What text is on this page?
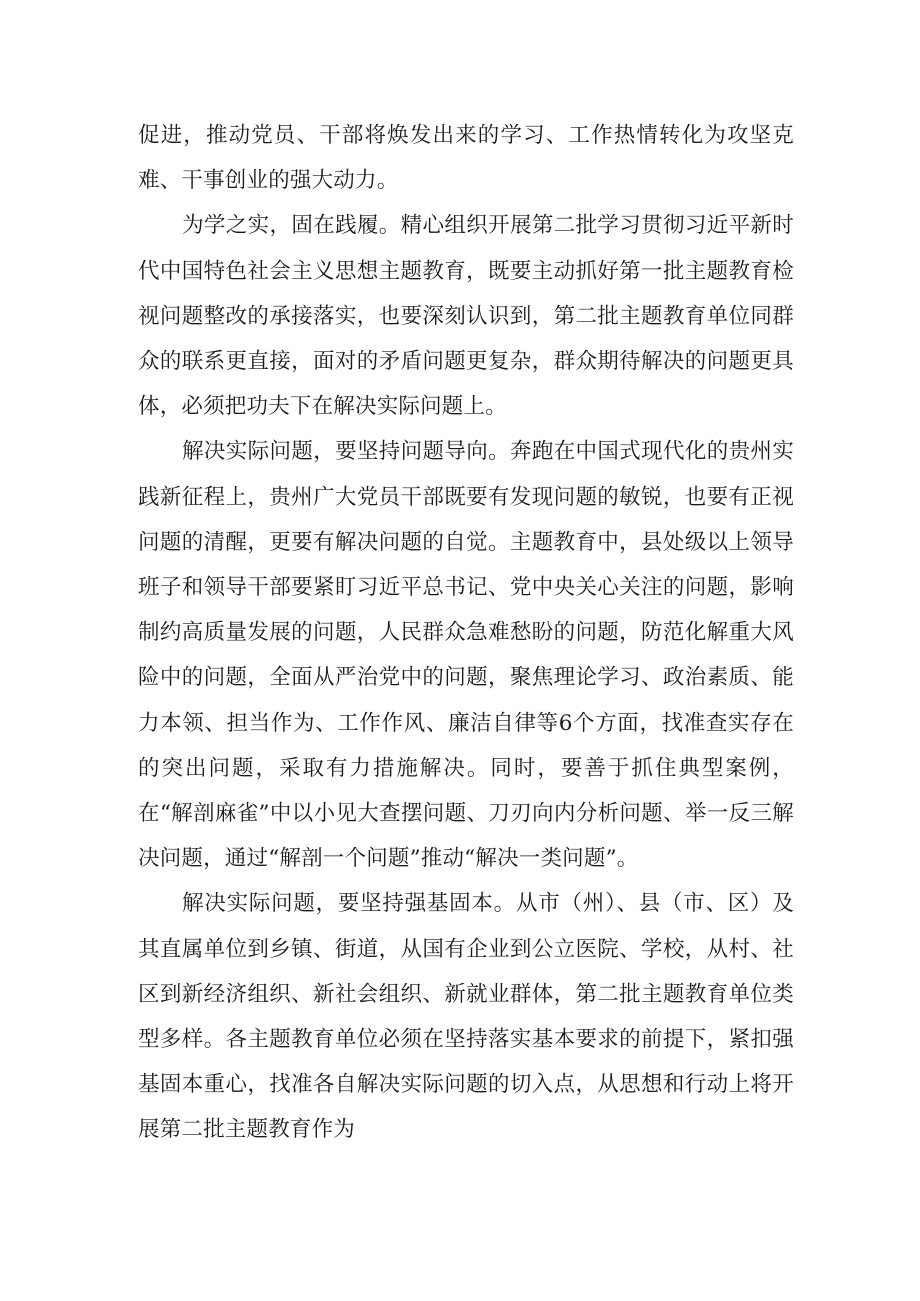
促进，推动党员、干部将焕发出来的学习、工作热情转化为攻坚克难、干事创业的强大动力。

为学之实，固在践履。精心组织开展第二批学习贯彻习近平新时代中国特色社会主义思想主题教育，既要主动抓好第一批主题教育检视问题整改的承接落实，也要深刻认识到，第二批主题教育单位同群众的联系更直接，面对的矛盾问题更复杂，群众期待解决的问题更具体，必须把功夫下在解决实际问题上。

解决实际问题，要坚持问题导向。奔跑在中国式现代化的贵州实践新征程上，贵州广大党员干部既要有发现问题的敏锐，也要有正视问题的清醒，更要有解决问题的自觉。主题教育中，县处级以上领导班子和领导干部要紧盯习近平总书记、党中央关心关注的问题，影响制约高质量发展的问题，人民群众急难愁盼的问题，防范化解重大风险中的问题，全面从严治党中的问题，聚焦理论学习、政治素质、能力本领、担当作为、工作作风、廉洁自律等6个方面，找准查实存在的突出问题，采取有力措施解决。同时，要善于抓住典型案例，在“解剖麻雀”中以小见大查摆问题、刀刃向内分析问题、举一反三解决问题，通过“解剖一个问题”推动“解决一类问题”。

解决实际问题，要坚持强基固本。从市（州）、县（市、区）及其直属单位到乡镇、街道，从国有企业到公立医院、学校，从村、社区到新经济组织、新社会组织、新就业群体，第二批主题教育单位类型多样。各主题教育单位必须在坚持落实基本要求的前提下，紧扣强基固本重心，找准各自解决实际问题的切入点，从思想和行动上将开展第二批主题教育作为
